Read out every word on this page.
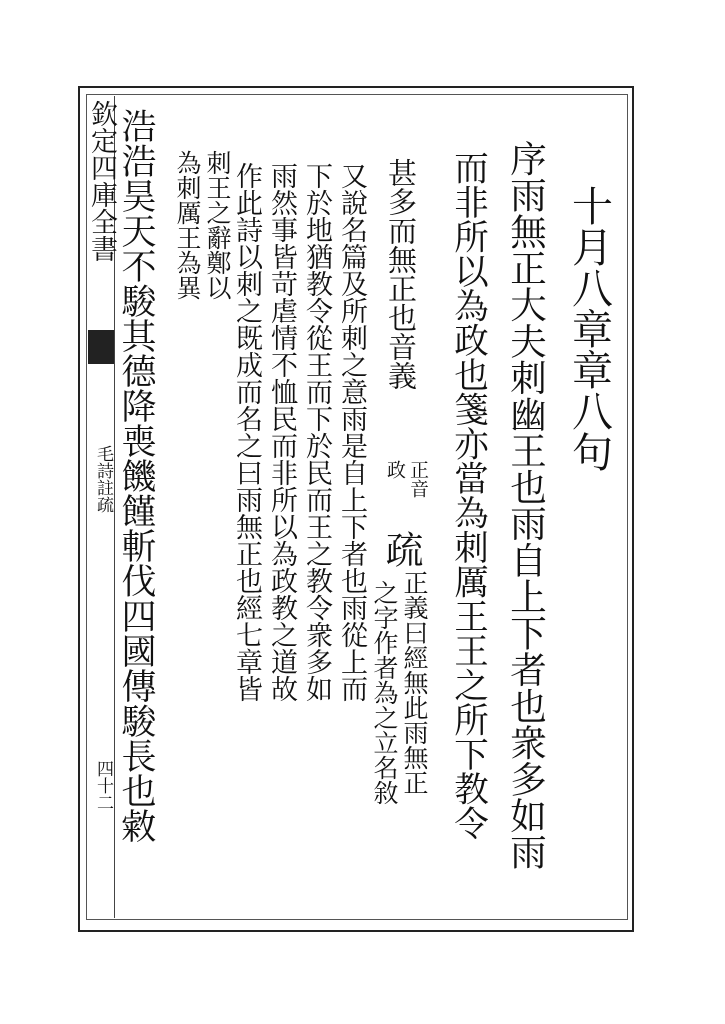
欽定四庫全書
毛詩註疏
四十二
十月八章章八句
序雨無正大夫刺幽王也雨自上下者也衆多如雨
而非所以為政也箋亦當為刺厲王王之所下教令
甚多而無正也音義
正音
政
疏
正義曰經無此雨無正
之字作者為之立名敘
又說名篇及所刺之意雨是自上下者也雨從上而
下於地猶教令從王而下於民而王之教令衆多如
雨然事皆苛虐情不恤民而非所以為政教之道故
作此詩以刺之既成而名之曰雨無正也經七章皆
刺王之辭鄭以
為刺厲王為異
浩浩昊天不駿其德降喪饑饉斬伐四國傳駿長也敹
